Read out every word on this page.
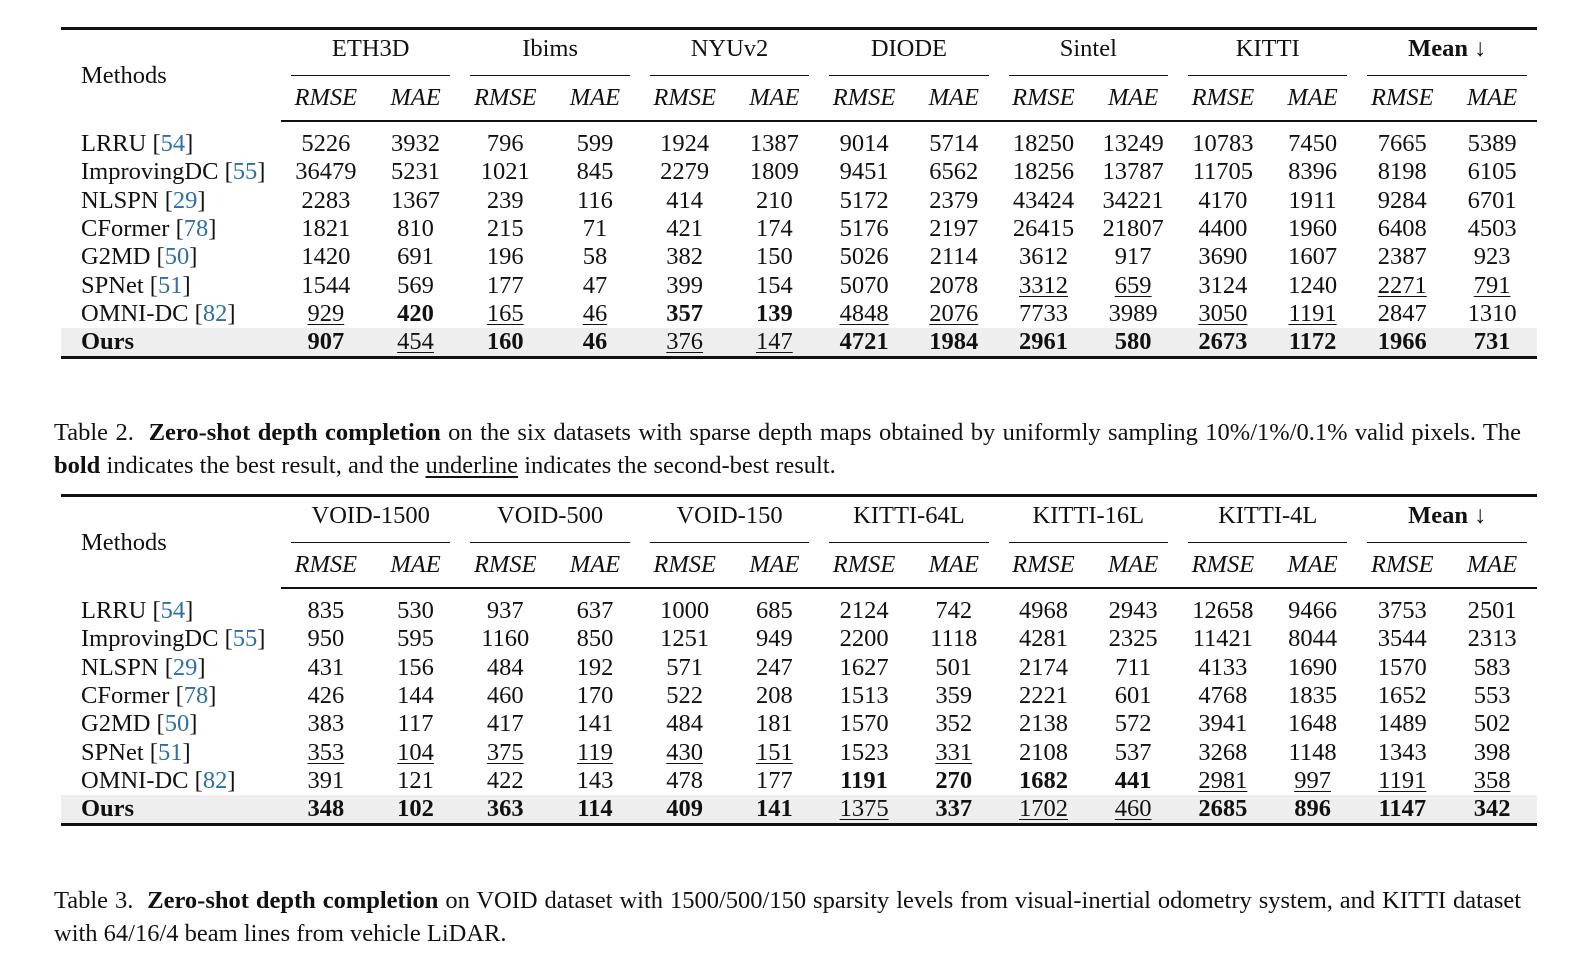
Methods	ETH3D		Ibims		NYUv2		DIODE		Sintel		KITTI		Mean ↓	

	RMSE	MAE	RMSE	MAE	RMSE	MAE	RMSE	MAE	RMSE	MAE	RMSE	MAE	RMSE	MAE
LRRU [54]	5226	3932	796	599	1924	1387	9014	5714	18250	13249	10783	7450	7665	5389
ImprovingDC [55]	36479	5231	1021	845	2279	1809	9451	6562	18256	13787	11705	8396	8198	6105
NLSPN [29]	2283	1367	239	116	414	210	5172	2379	43424	34221	4170	1911	9284	6701
CFormer [78]	1821	810	215	71	421	174	5176	2197	26415	21807	4400	1960	6408	4503
G2MD [50]	1420	691	196	58	382	150	5026	2114	3612	917	3690	1607	2387	923
SPNet [51]	1544	569	177	47	399	154	5070	2078	3312	659	3124	1240	2271	791
OMNI-DC [82]	929	420	165	46	357	139	4848	2076	7733	3989	3050	1191	2847	1310
Ours	907	454	160	46	376	147	4721	1984	2961	580	2673	1172	1966	731

Table 2. Zero-shot depth completion on the six datasets with sparse depth maps obtained by uniformly sampling 10%/1%/0.1% valid pixels. The bold indicates the best result, and the underline indicates the second-best result.

Methods	VOID-1500		VOID-500		VOID-150		KITTI-64L		KITTI-16L		KITTI-4L		Mean ↓	

	RMSE	MAE	RMSE	MAE	RMSE	MAE	RMSE	MAE	RMSE	MAE	RMSE	MAE	RMSE	MAE
LRRU [54]	835	530	937	637	1000	685	2124	742	4968	2943	12658	9466	3753	2501
ImprovingDC [55]	950	595	1160	850	1251	949	2200	1118	4281	2325	11421	8044	3544	2313
NLSPN [29]	431	156	484	192	571	247	1627	501	2174	711	4133	1690	1570	583
CFormer [78]	426	144	460	170	522	208	1513	359	2221	601	4768	1835	1652	553
G2MD [50]	383	117	417	141	484	181	1570	352	2138	572	3941	1648	1489	502
SPNet [51]	353	104	375	119	430	151	1523	331	2108	537	3268	1148	1343	398
OMNI-DC [82]	391	121	422	143	478	177	1191	270	1682	441	2981	997	1191	358
Ours	348	102	363	114	409	141	1375	337	1702	460	2685	896	1147	342

Table 3. Zero-shot depth completion on VOID dataset with 1500/500/150 sparsity levels from visual-inertial odometry system, and KITTI dataset with 64/16/4 beam lines from vehicle LiDAR.
